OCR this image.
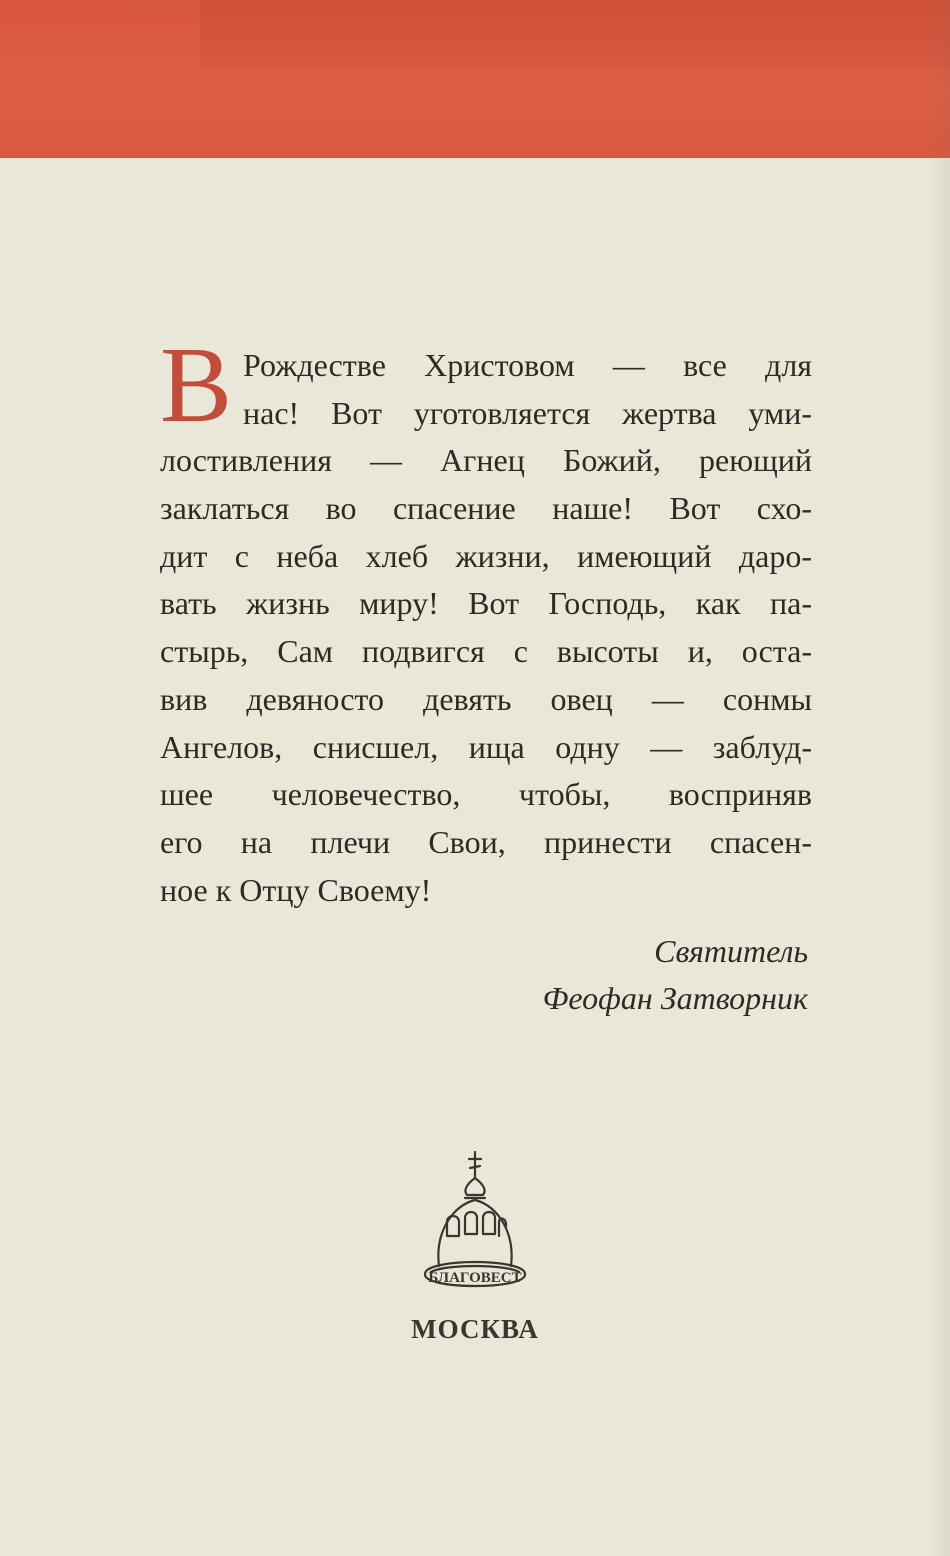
В Рождестве Христовом — все для
нас! Вот уготовляется жертва уми-
лостивления — Агнец Божий, реющий
заклаться во спасение наше! Вот схо-
дит с неба хлеб жизни, имеющий даро-
вать жизнь миру! Вот Господь, как па-
стырь, Сам подвигся с высоты и, оста-
вив девяносто девять овец — сонмы
Ангелов, снисшел, ища одну — заблуд-
шее человечество, чтобы, восприняв
его на плечи Свои, принести спасен-
ное к Отцу Своему!
Святитель
Феофан Затворник
БЛАГОВЕСТ
МОСКВА
